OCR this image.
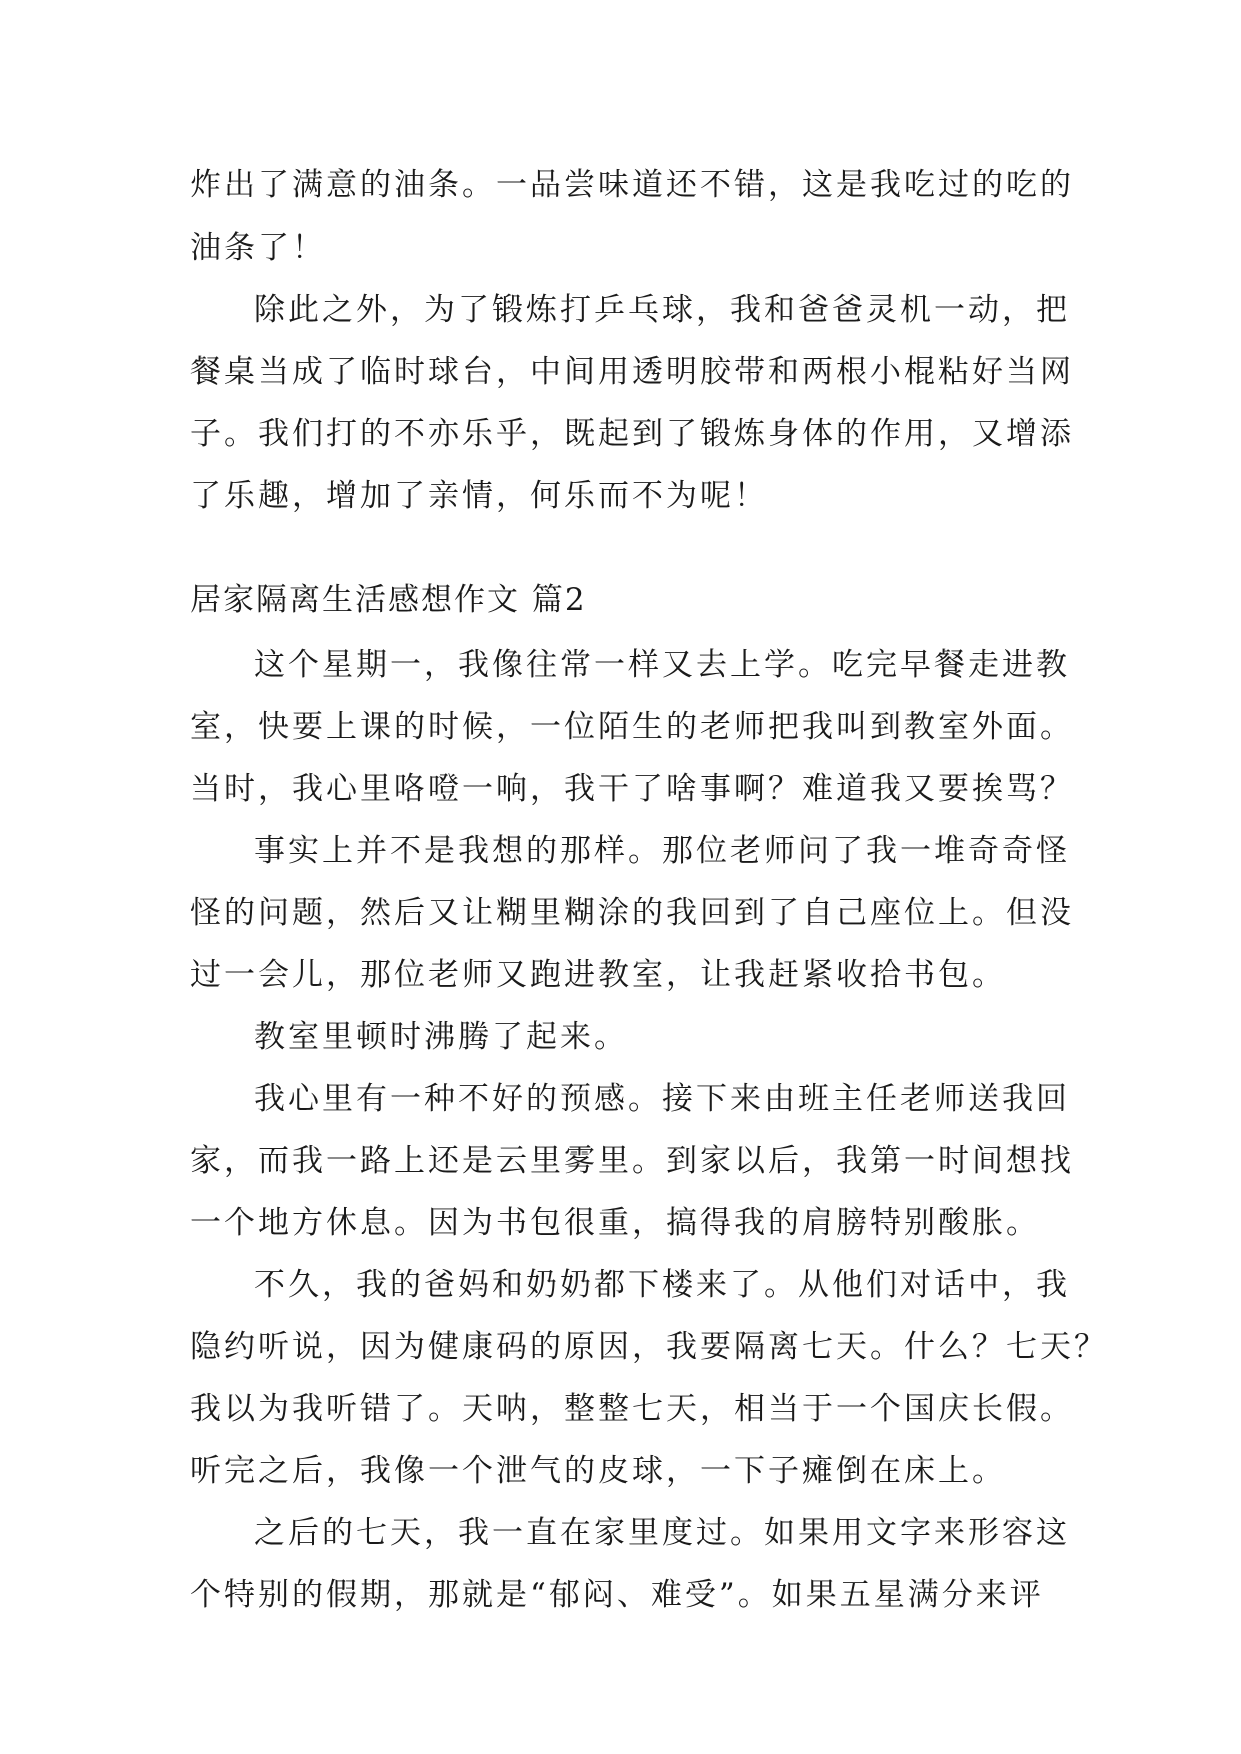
炸出了满意的油条。一品尝味道还不错，这是我吃过的吃的
油条了！
除此之外，为了锻炼打乒乓球，我和爸爸灵机一动，把
餐桌当成了临时球台，中间用透明胶带和两根小棍粘好当网
子。我们打的不亦乐乎，既起到了锻炼身体的作用，又增添
了乐趣，增加了亲情，何乐而不为呢！
居家隔离生活感想作文 篇2
这个星期一，我像往常一样又去上学。吃完早餐走进教
室，快要上课的时候，一位陌生的老师把我叫到教室外面。
当时，我心里咯噔一响，我干了啥事啊？难道我又要挨骂？
事实上并不是我想的那样。那位老师问了我一堆奇奇怪
怪的问题，然后又让糊里糊涂的我回到了自己座位上。但没
过一会儿，那位老师又跑进教室，让我赶紧收拾书包。
教室里顿时沸腾了起来。
我心里有一种不好的预感。接下来由班主任老师送我回
家，而我一路上还是云里雾里。到家以后，我第一时间想找
一个地方休息。因为书包很重，搞得我的肩膀特别酸胀。
不久，我的爸妈和奶奶都下楼来了。从他们对话中，我
隐约听说，因为健康码的原因，我要隔离七天。什么？七天？
我以为我听错了。天呐，整整七天，相当于一个国庆长假。
听完之后，我像一个泄气的皮球，一下子瘫倒在床上。
之后的七天，我一直在家里度过。如果用文字来形容这
个特别的假期，那就是“郁闷、难受”。如果五星满分来评
